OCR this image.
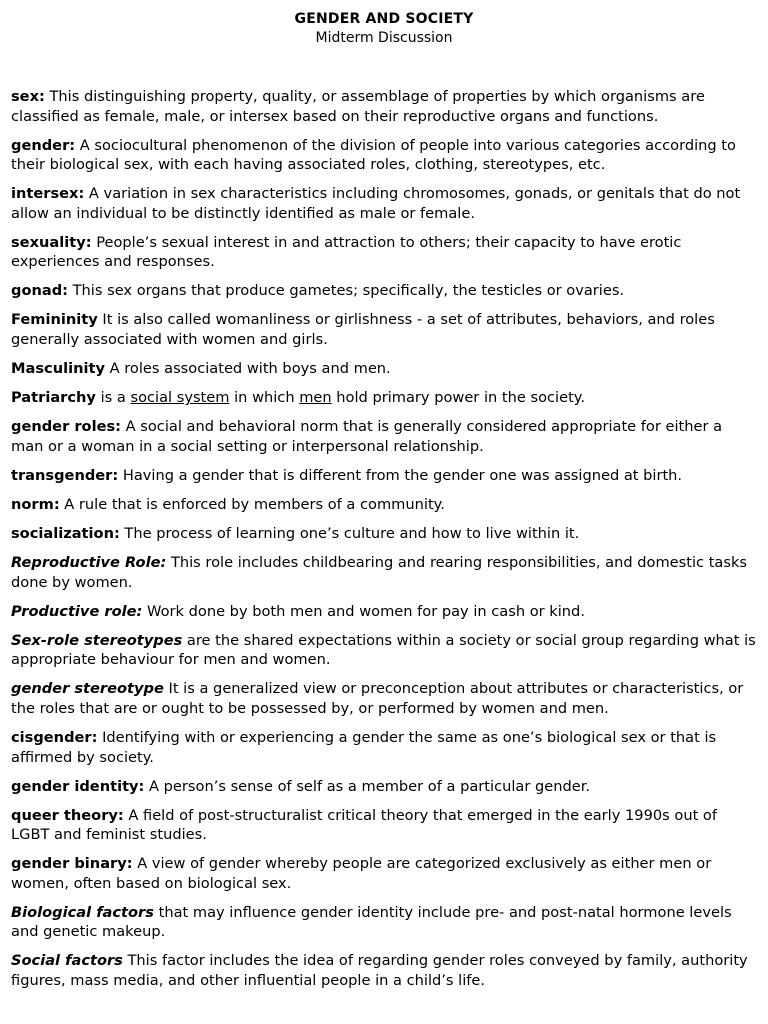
GENDER AND SOCIETY
Midterm Discussion

sex: This distinguishing property, quality, or assemblage of properties by which organisms are classified as female, male, or intersex based on their reproductive organs and functions.

gender: A sociocultural phenomenon of the division of people into various categories according to their biological sex, with each having associated roles, clothing, stereotypes, etc.

intersex: A variation in sex characteristics including chromosomes, gonads, or genitals that do not allow an individual to be distinctly identified as male or female.

sexuality: People’s sexual interest in and attraction to others; their capacity to have erotic experiences and responses.

gonad: This sex organs that produce gametes; specifically, the testicles or ovaries.

Femininity It is also called womanliness or girlishness - a set of attributes, behaviors, and roles generally associated with women and girls.

Masculinity A roles associated with boys and men.

Patriarchy is a social system in which men hold primary power in the society.

gender roles: A social and behavioral norm that is generally considered appropriate for either a man or a woman in a social setting or interpersonal relationship.

transgender: Having a gender that is different from the gender one was assigned at birth.

norm: A rule that is enforced by members of a community.

socialization: The process of learning one’s culture and how to live within it.

Reproductive Role: This role includes childbearing and rearing responsibilities, and domestic tasks done by women.

Productive role: Work done by both men and women for pay in cash or kind.

Sex-role stereotypes are the shared expectations within a society or social group regarding what is appropriate behaviour for men and women.

gender stereotype It is a generalized view or preconception about attributes or characteristics, or the roles that are or ought to be possessed by, or performed by women and men.

cisgender: Identifying with or experiencing a gender the same as one’s biological sex or that is affirmed by society.

gender identity: A person’s sense of self as a member of a particular gender.

queer theory: A field of post-structuralist critical theory that emerged in the early 1990s out of LGBT and feminist studies.

gender binary: A view of gender whereby people are categorized exclusively as either men or women, often based on biological sex.

Biological factors that may influence gender identity include pre- and post-natal hormone levels and genetic makeup.

Social factors This factor includes the idea of regarding gender roles conveyed by family, authority figures, mass media, and other influential people in a child’s life.
